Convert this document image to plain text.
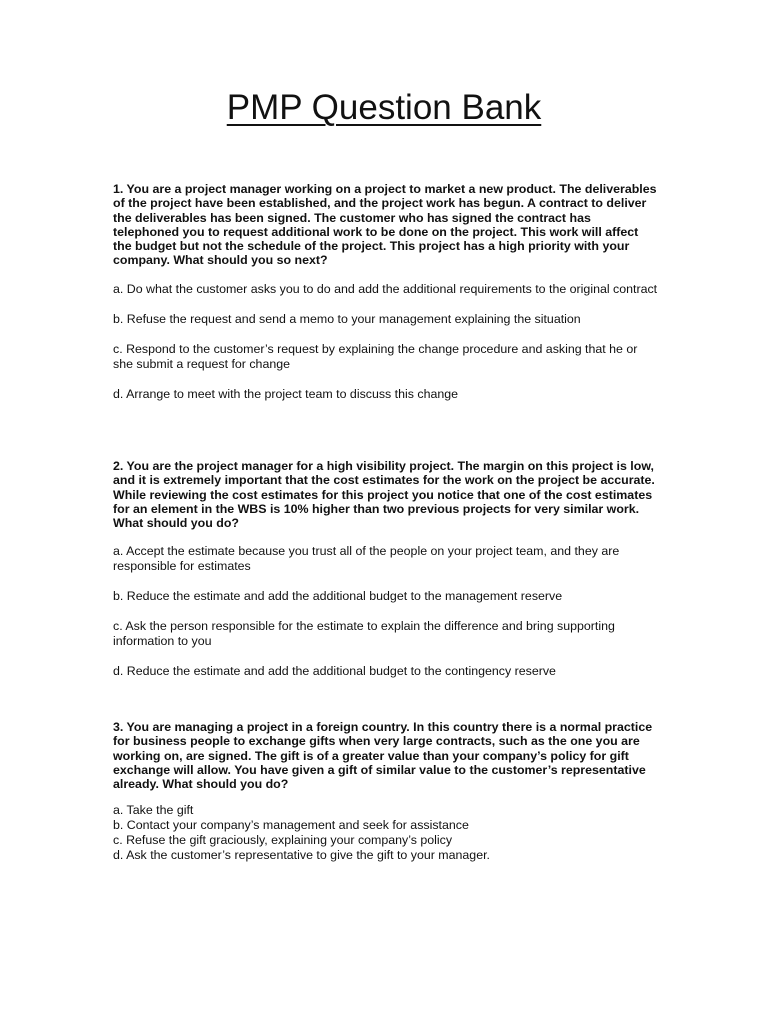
PMP Question Bank

1. You are a project manager working on a project to market a new product. The deliverables of the project have been established, and the project work has begun. A contract to deliver the deliverables has been signed. The customer who has signed the contract has telephoned you to request additional work to be done on the project. This work will affect the budget but not the schedule of the project. This project has a high priority with your company. What should you so next?

a. Do what the customer asks you to do and add the additional requirements to the original contract

b. Refuse the request and send a memo to your management explaining the situation

c. Respond to the customer’s request by explaining the change procedure and asking that he or she submit a request for change

d. Arrange to meet with the project team to discuss this change

2. You are the project manager for a high visibility project. The margin on this project is low, and it is extremely important that the cost estimates for the work on the project be accurate. While reviewing the cost estimates for this project you notice that one of the cost estimates for an element in the WBS is 10% higher than two previous projects for very similar work. What should you do?

a. Accept the estimate because you trust all of the people on your project team, and they are responsible for estimates

b. Reduce the estimate and add the additional budget to the management reserve

c. Ask the person responsible for the estimate to explain the difference and bring supporting information to you

d. Reduce the estimate and add the additional budget to the contingency reserve

3. You are managing a project in a foreign country. In this country there is a normal practice for business people to exchange gifts when very large contracts, such as the one you are working on, are signed. The gift is of a greater value than your company’s policy for gift exchange will allow. You have given a gift of similar value to the customer’s representative already. What should you do?

a. Take the gift

b. Contact your company’s management and seek for assistance

c. Refuse the gift graciously, explaining your company’s policy

d. Ask the customer’s representative to give the gift to your manager.
